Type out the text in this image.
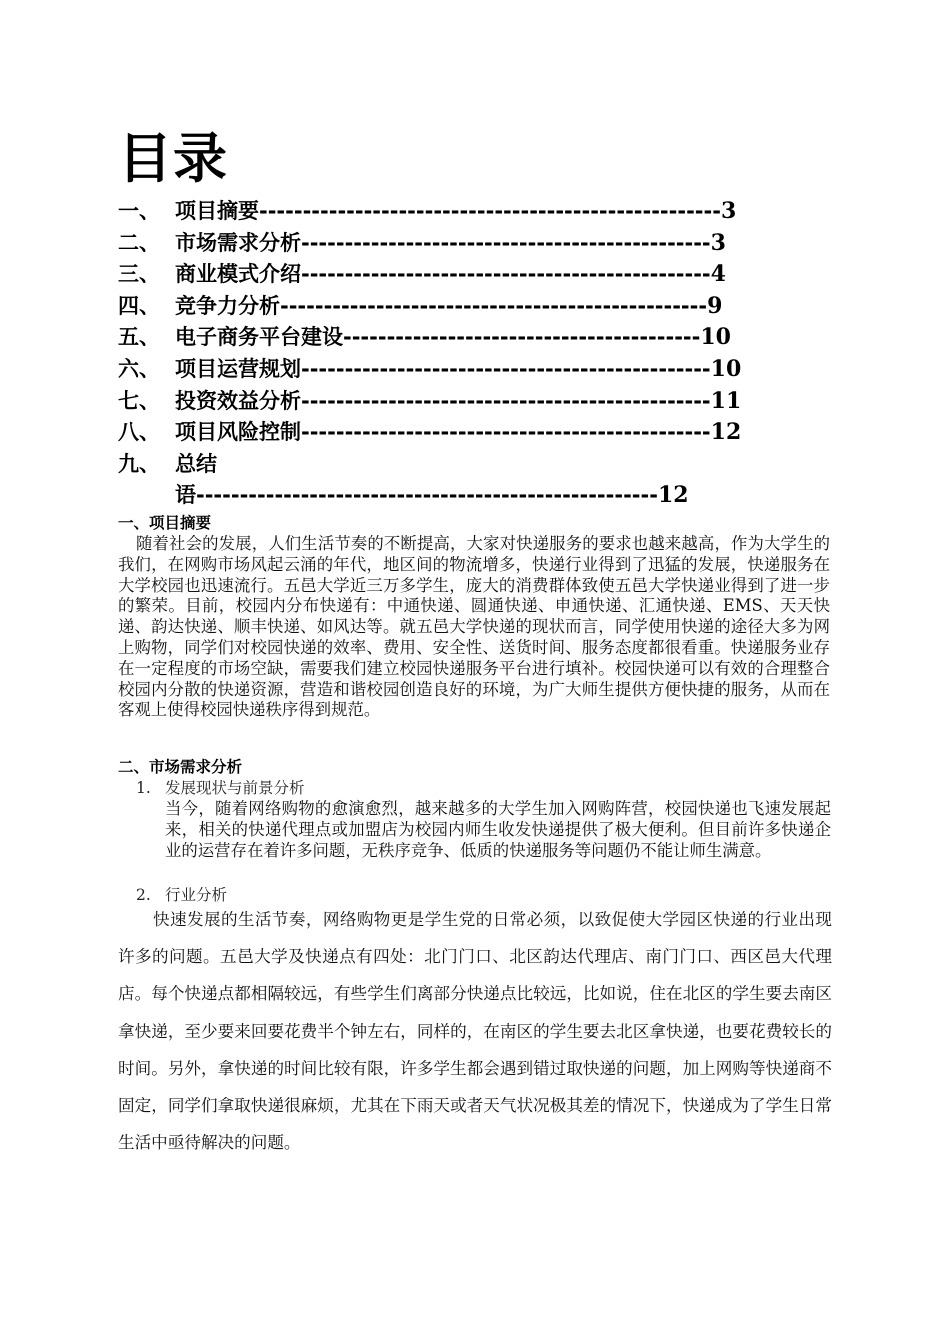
目录
一、 项目摘要 ----------------------------------------------------- 3
二、 市场需求分析 ----------------------------------------------- 3
三、 商业模式介绍 ----------------------------------------------- 4
四、 竞争力分析 ------------------------------------------------- 9
五、 电子商务平台建设 ----------------------------------------- 10
六、 项目运营规划 ----------------------------------------------- 10
七、 投资效益分析 ----------------------------------------------- 11
八、 项目风险控制 ----------------------------------------------- 12
九、 总结
语 ----------------------------------------------------- 12
一、项目摘要
随着社会的发展，人们生活节奏的不断提高，大家对快递服务的要求也越来越高，作为大学生的我们，在网购市场风起云涌的年代，地区间的物流增多，快递行业得到了迅猛的发展，快递服务在大学校园也迅速流行。五邑大学近三万多学生，庞大的消费群体致使五邑大学快递业得到了进一步的繁荣。目前，校园内分布快递有：中通快递、圆通快递、申通快递、汇通快递、EMS、天天快递、韵达快递、顺丰快递、如风达等。就五邑大学快递的现状而言，同学使用快递的途径大多为网上购物，同学们对校园快递的效率、费用、安全性、送货时间、服务态度都很看重。快递服务业存在一定程度的市场空缺，需要我们建立校园快递服务平台进行填补。校园快递可以有效的合理整合校园内分散的快递资源，营造和谐校园创造良好的环境，为广大师生提供方便快捷的服务，从而在客观上使得校园快递秩序得到规范。
二、市场需求分析
1. 发展现状与前景分析
当今，随着网络购物的愈演愈烈，越来越多的大学生加入网购阵营，校园快递也飞速发展起来，相关的快递代理点或加盟店为校园内师生收发快递提供了极大便利。但目前许多快递企业的运营存在着许多问题，无秩序竞争、低质的快递服务等问题仍不能让师生满意。
2. 行业分析
快速发展的生活节奏，网络购物更是学生党的日常必须，以致促使大学园区快递的行业出现许多的问题。五邑大学及快递点有四处：北门门口、北区韵达代理店、南门门口、西区邑大代理店。每个快递点都相隔较远，有些学生们离部分快递点比较远，比如说，住在北区的学生要去南区拿快递，至少要来回要花费半个钟左右，同样的，在南区的学生要去北区拿快递，也要花费较长的时间。另外，拿快递的时间比较有限，许多学生都会遇到错过取快递的问题，加上网购等快递商不固定，同学们拿取快递很麻烦，尤其在下雨天或者天气状况极其差的情况下，快递成为了学生日常生活中亟待解决的问题。
